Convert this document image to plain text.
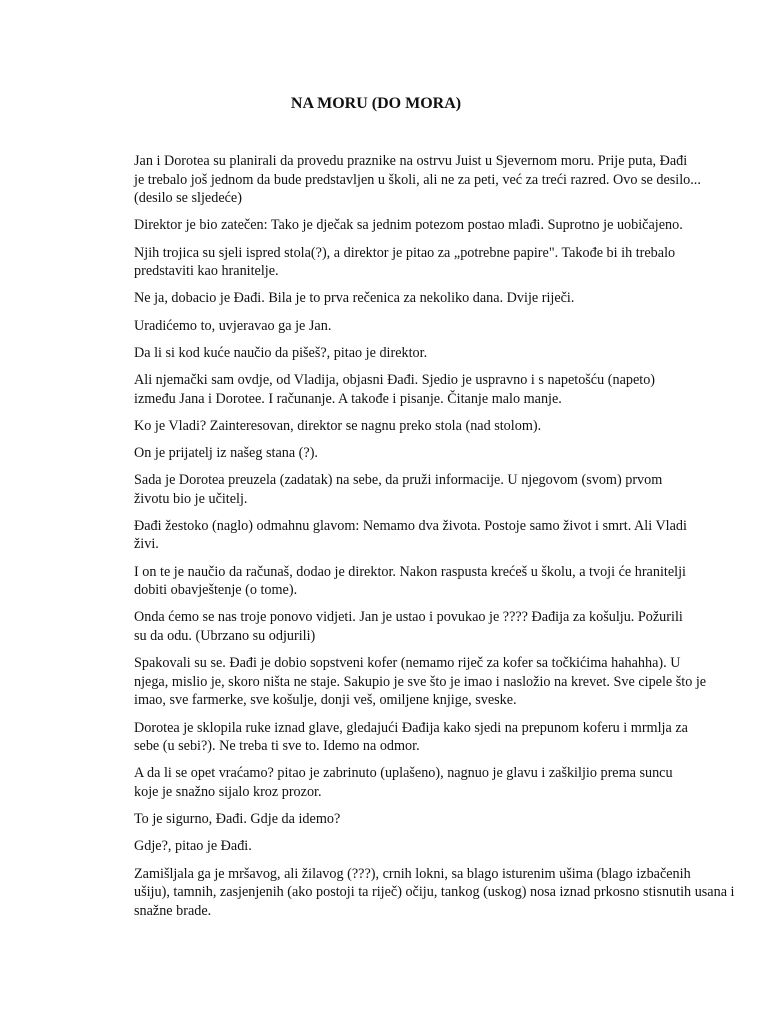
NA MORU (DO MORA)

Jan i Dorotea su planirali da provedu praznike na ostrvu Juist u Sjevernom moru. Prije puta, Đađi
je trebalo još jednom da bude predstavljen u školi, ali ne za peti, već za treći razred. Ovo se desilo...
(desilo se sljedeće)

Direktor je bio zatečen: Tako je dječak sa jednim potezom postao mlađi. Suprotno je uobičajeno.

Njih trojica su sjeli ispred stola(?), a direktor je pitao za „potrebne papire". Takođe bi ih trebalo
predstaviti kao hranitelje.

Ne ja, dobacio je Đađi. Bila je to prva rečenica za nekoliko dana. Dvije riječi.

Uradićemo to, uvjeravao ga je Jan.

Da li si kod kuće naučio da pišeš?, pitao je direktor.

Ali njemački sam ovdje, od Vladija, objasni Đađi. Sjedio je uspravno i s napetošću (napeto)
između Jana i Dorotee. I računanje. A takođe i pisanje. Čitanje malo manje.

Ko je Vladi? Zainteresovan, direktor se nagnu preko stola (nad stolom).

On je prijatelj iz našeg stana (?).

Sada je Dorotea preuzela (zadatak) na sebe, da pruži informacije. U njegovom (svom) prvom
životu bio je učitelj.

Đađi žestoko (naglo) odmahnu glavom: Nemamo dva života. Postoje samo život i smrt. Ali Vladi
živi.

I on te je naučio da računaš, dodao je direktor. Nakon raspusta krećeš u školu, a tvoji će hranitelji
dobiti obavještenje (o tome).

Onda ćemo se nas troje ponovo vidjeti. Jan je ustao i povukao je ???? Đađija za košulju. Požurili
su da odu. (Ubrzano su odjurili)

Spakovali su se. Đađi je dobio sopstveni kofer (nemamo riječ za kofer sa točkićima hahahha). U
njega, mislio je, skoro ništa ne staje. Sakupio je sve što je imao i nasložio na krevet. Sve cipele što je
imao, sve farmerke, sve košulje, donji veš, omiljene knjige, sveske.

Dorotea je sklopila ruke iznad glave, gledajući Đađija kako sjedi na prepunom koferu i mrmlja za
sebe (u sebi?). Ne treba ti sve to. Idemo na odmor.

A da li se opet vraćamo? pitao je zabrinuto (uplašeno), nagnuo je glavu i zaškiljio prema suncu
koje je snažno sijalo kroz prozor.

To je sigurno, Đađi. Gdje da idemo?

Gdje?, pitao je Đađi.

Zamišljala ga je mršavog, ali žilavog (???), crnih lokni, sa blago isturenim ušima (blago izbačenih
ušiju), tamnih, zasjenjenih (ako postoji ta riječ) očiju, tankog (uskog) nosa iznad prkosno stisnutih usana i
snažne brade.
